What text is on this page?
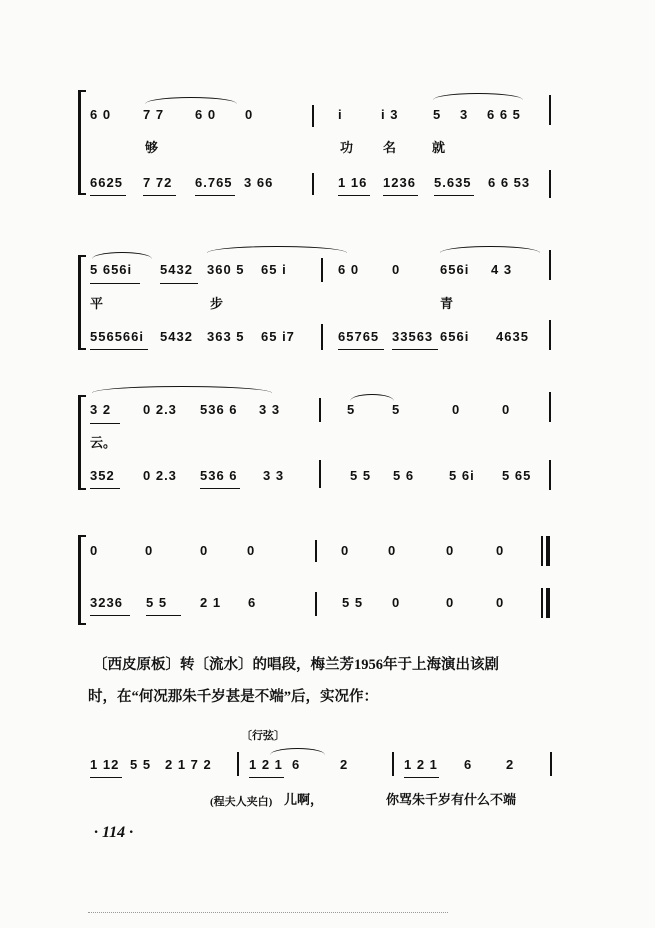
6 0 7 7 6 0 0	i	i 3	5 3 6 6 5
够	功 名	就
6625 7 72 6.765 3 66	1 16 1236 5.635 6 6 53
5 656i 5432 360 5 65 i	6 0	0	656i 4 3
平	步	青
556566i 5432 363 5 65 i7	65765 33563 656i 4635
3 2 0 2.3 536 6 3 3	5	5	0	0
云。
352 0 2.3 536 6 3 3	5 5 5 6	5 6i 5 65
0	0	0	0	0	0	0	0
3236 5 5	2 1 6	5 5 0	0	0
〔西皮原板〕转〔流水〕的唱段，梅兰芳1956年于上海演出该剧
时，在“何况那朱千岁甚是不端”后，实况作：
〔行弦〕
1 12 5 5 2 1 7 2	1 2 1 6	2	1 2 1 6	2
(程夫人夹白) 儿啊，	你骂朱千岁有什么不端
· 114 ·
